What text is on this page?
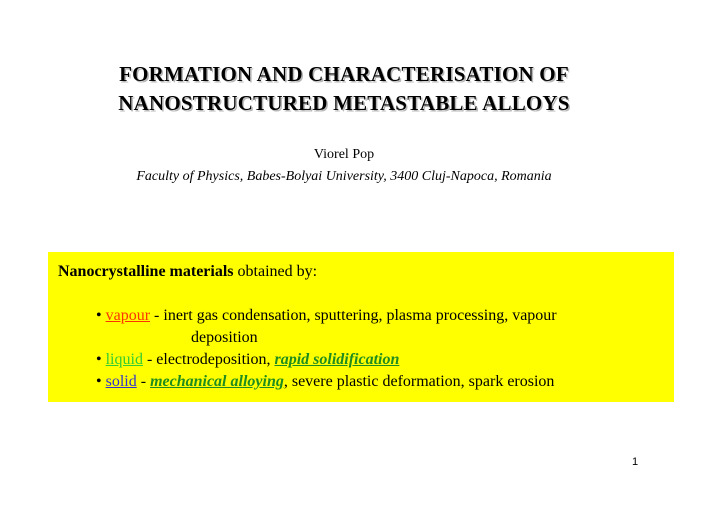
FORMATION AND CHARACTERISATION OF
NANOSTRUCTURED METASTABLE ALLOYS
Viorel Pop
Faculty of Physics, Babes-Bolyai University, 3400 Cluj-Napoca, Romania

Nanocrystalline materials obtained by:

• vapour - inert gas condensation, sputtering, plasma processing, vapour
deposition
• liquid - electrodeposition, rapid solidification
• solid - mechanical alloying, severe plastic deformation, spark erosion
1
